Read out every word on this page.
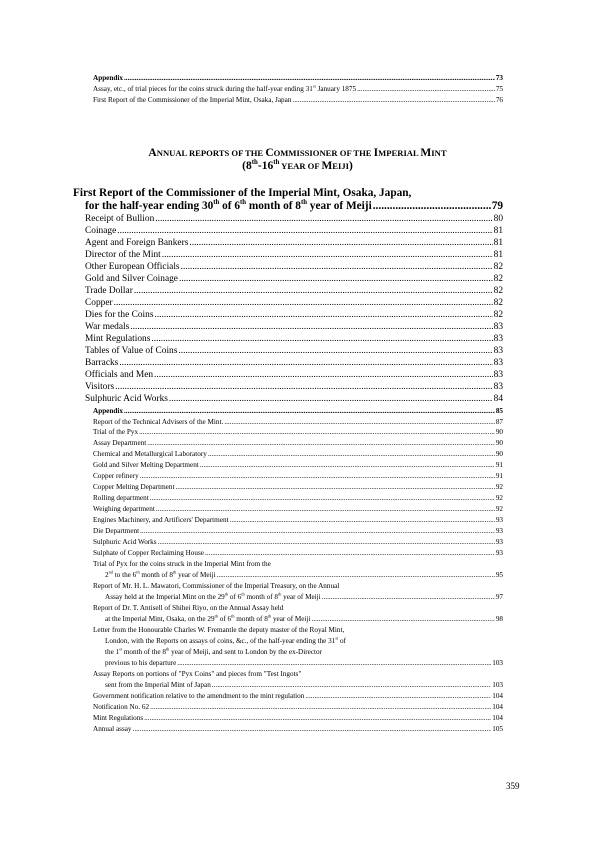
Appendix .....	73
Assay, etc., of trial pieces for the coins struck during the half-year ending 31st January 1875 .....	75
First Report of the Commissioner of the Imperial Mint, Osaka, Japan .....	76
ANNUAL REPORTS OF THE COMMISSIONER OF THE IMPERIAL MINT
(8th-16th YEAR OF MEIJI)
First Report of the Commissioner of the Imperial Mint, Osaka, Japan,
for the half-year ending 30th of 6th month of 8th year of Meiji .....	79
Receipt of Bullion .....	80
Coinage .....	81
Agent and Foreign Bankers .....	81
Director of the Mint .....	81
Other European Officials .....	82
Gold and Silver Coinage .....	82
Trade Dollar .....	82
Copper .....	82
Dies for the Coins .....	82
War medals .....	83
Mint Regulations .....	83
Tables of Value of Coins .....	83
Barracks .....	83
Officials and Men .....	83
Visitors .....	83
Sulphuric Acid Works .....	84
Appendix .....	85
Report of the Technical Advisers of the Mint. .....	87
Trial of the Pyx .....	90
Assay Department .....	90
Chemical and Metallurgical Laboratory .....	90
Gold and Silver Melting Department .....	91
Copper refinery .....	91
Copper Melting Department .....	92
Rolling department .....	92
Weighing department .....	92
Engines Machinery, and Artificers' Department .....	93
Die Department .....	93
Sulphuric Acid Works .....	93
Sulphate of Copper Reclaiming House .....	93
Trial of Pyx for the coins struck in the Imperial Mint from the
2nd to the 6th month of 8th year of Meiji .....	95
Report of Mr. H. L. Mawatori, Commissioner of the Imperial Treasury, on the Annual
Assay held at the Imperial Mint on the 29th of 6th month of 8th year of Meiji .....	97
Report of Dr. T. Antisell of Shihei Riyo, on the Annual Assay held
at the Imperial Mint, Osaka, on the 29th of 6th month of 8th year of Meiji .....	98
Letter from the Honourable Charles W. Fremantle the deputy master of the Royal Mint,
London, with the Reports on assays of coins, &c., of the half-year ending the 31st of
the 1st month of the 8th year of Meiji, and sent to London by the ex-Director
previous to his departure .....	103
Assay Reports on portions of "Pyx Coins" and pieces from "Test Ingots"
sent from the Imperial Mint of Japan .....	103
Government notification relative to the amendment to the mint regulation .....	104
Notification No. 62 .....	104
Mint Regulations .....	104
Annual assay .....	105
359
